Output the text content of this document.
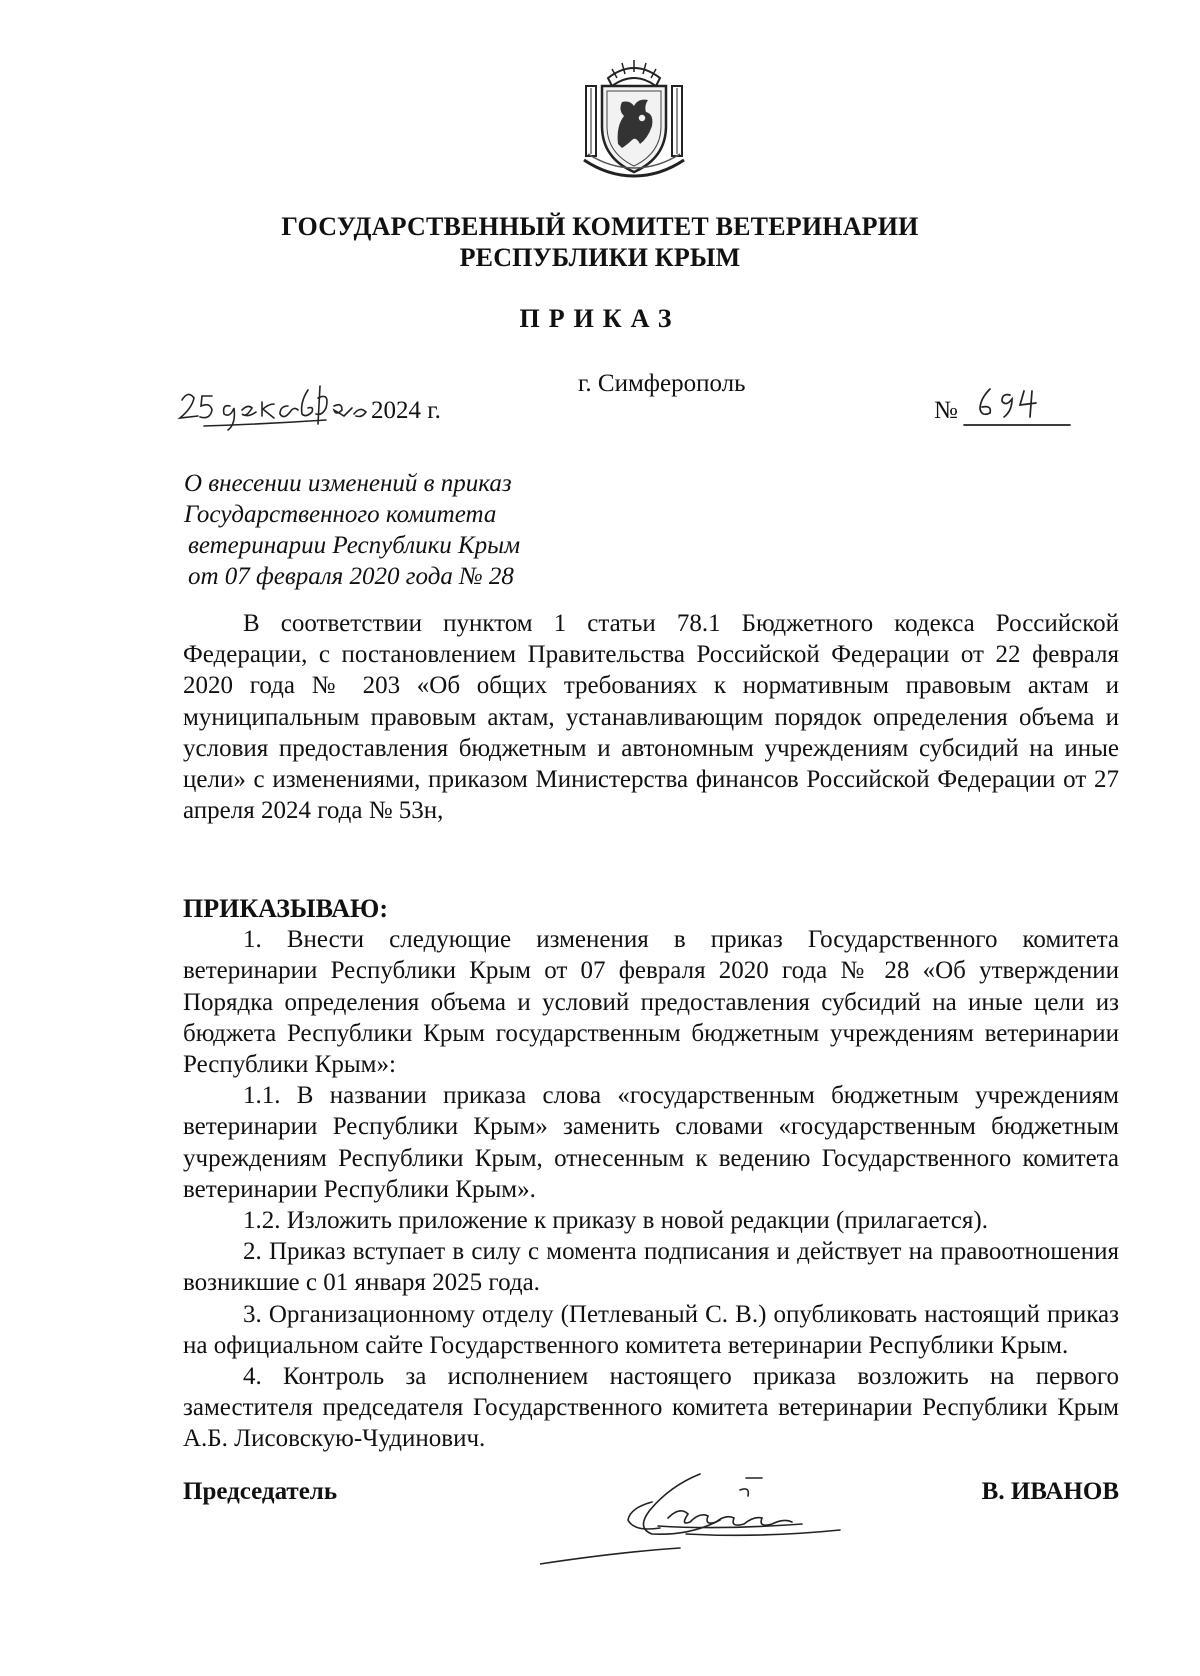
ГОСУДАРСТВЕННЫЙ КОМИТЕТ ВЕТЕРИНАРИИ
РЕСПУБЛИКИ КРЫМ
ПРИКАЗ
г. Симферополь
2024 г.	№
О внесении изменений в приказ
Государственного комитета
ветеринарии Республики Крым
от 07 февраля 2020 года № 28

В соответствии пунктом 1 статьи 78.1 Бюджетного кодекса Российской Федерации, с постановлением Правительства Российской Федерации от 22 февраля 2020 года № 203 «Об общих требованиях к нормативным правовым актам и муниципальным правовым актам, устанавливающим порядок определения объема и условия предоставления бюджетным и автономным учреждениям субсидий на иные цели» с изменениями, приказом Министерства финансов Российской Федерации от 27 апреля 2024 года № 53н,

ПРИКАЗЫВАЮ:

1. Внести следующие изменения в приказ Государственного комитета ветеринарии Республики Крым от 07 февраля 2020 года № 28 «Об утверждении Порядка определения объема и условий предоставления субсидий на иные цели из бюджета Республики Крым государственным бюджетным учреждениям ветеринарии Республики Крым»:

1.1. В названии приказа слова «государственным бюджетным учреждениям ветеринарии Республики Крым» заменить словами «государственным бюджетным учреждениям Республики Крым, отнесенным к ведению Государственного комитета ветеринарии Республики Крым».

1.2. Изложить приложение к приказу в новой редакции (прилагается).

2. Приказ вступает в силу с момента подписания и действует на правоотношения возникшие с 01 января 2025 года.

3. Организационному отделу (Петлеваный С. В.) опубликовать настоящий приказ на официальном сайте Государственного комитета ветеринарии Республики Крым.

4. Контроль за исполнением настоящего приказа возложить на первого заместителя председателя Государственного комитета ветеринарии Республики Крым А.Б. Лисовскую-Чудинович.

Председатель	В. ИВАНОВ
